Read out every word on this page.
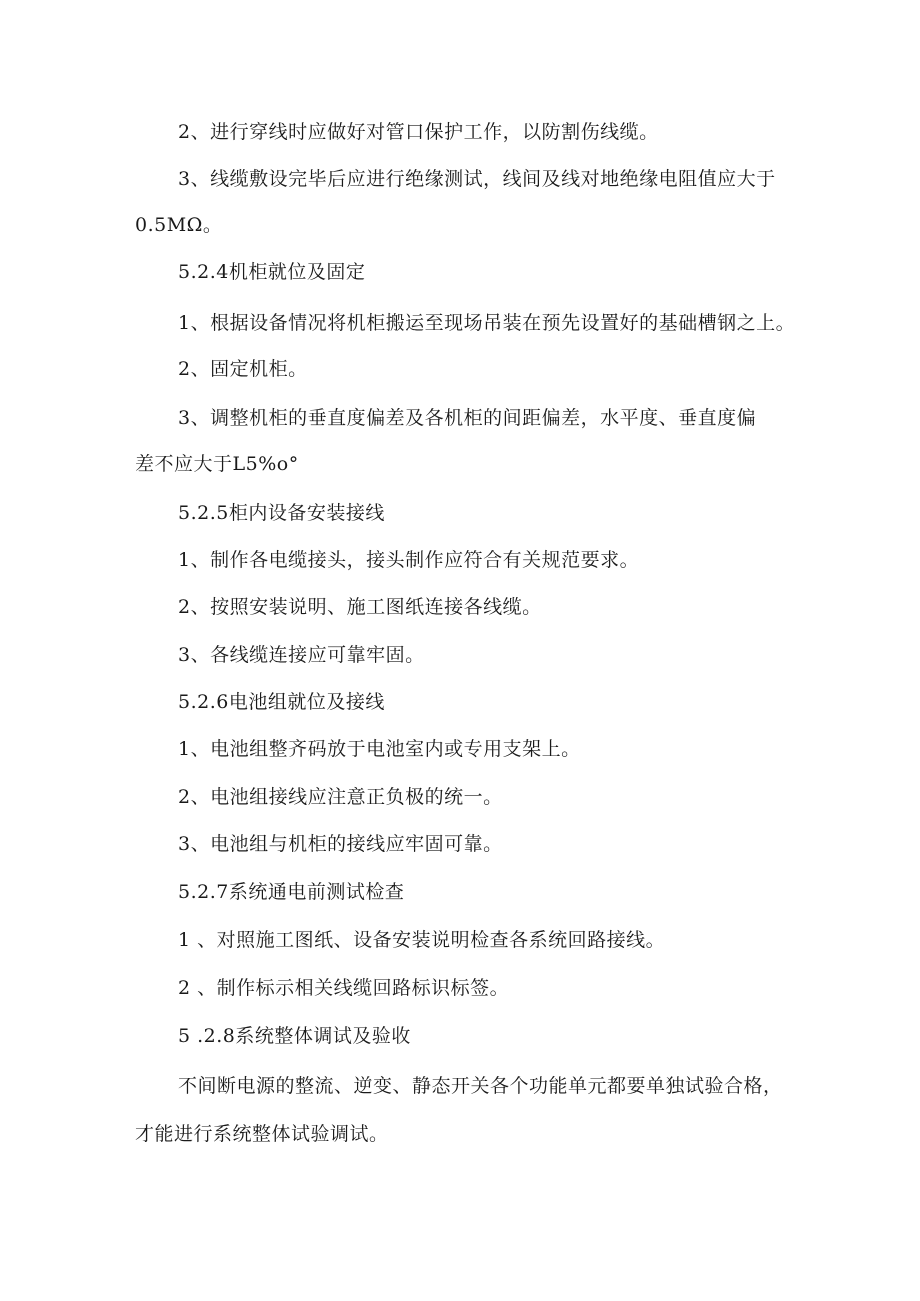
2、进行穿线时应做好对管口保护工作，以防割伤线缆。
3、线缆敷设完毕后应进行绝缘测试，线间及线对地绝缘电阻值应大于
0.5MΩ。
5.2.4机柜就位及固定
1、根据设备情况将机柜搬运至现场吊装在预先设置好的基础槽钢之上。
2、固定机柜。
3、调整机柜的垂直度偏差及各机柜的间距偏差，水平度、垂直度偏
差不应大于L5%o°
5.2.5柜内设备安装接线
1、制作各电缆接头，接头制作应符合有关规范要求。
2、按照安装说明、施工图纸连接各线缆。
3、各线缆连接应可靠牢固。
5.2.6电池组就位及接线
1、电池组整齐码放于电池室内或专用支架上。
2、电池组接线应注意正负极的统一。
3、电池组与机柜的接线应牢固可靠。
5.2.7系统通电前测试检查
1 、对照施工图纸、设备安装说明检查各系统回路接线。
2 、制作标示相关线缆回路标识标签。
5 .2.8系统整体调试及验收
不间断电源的整流、逆变、静态开关各个功能单元都要单独试验合格，
才能进行系统整体试验调试。
